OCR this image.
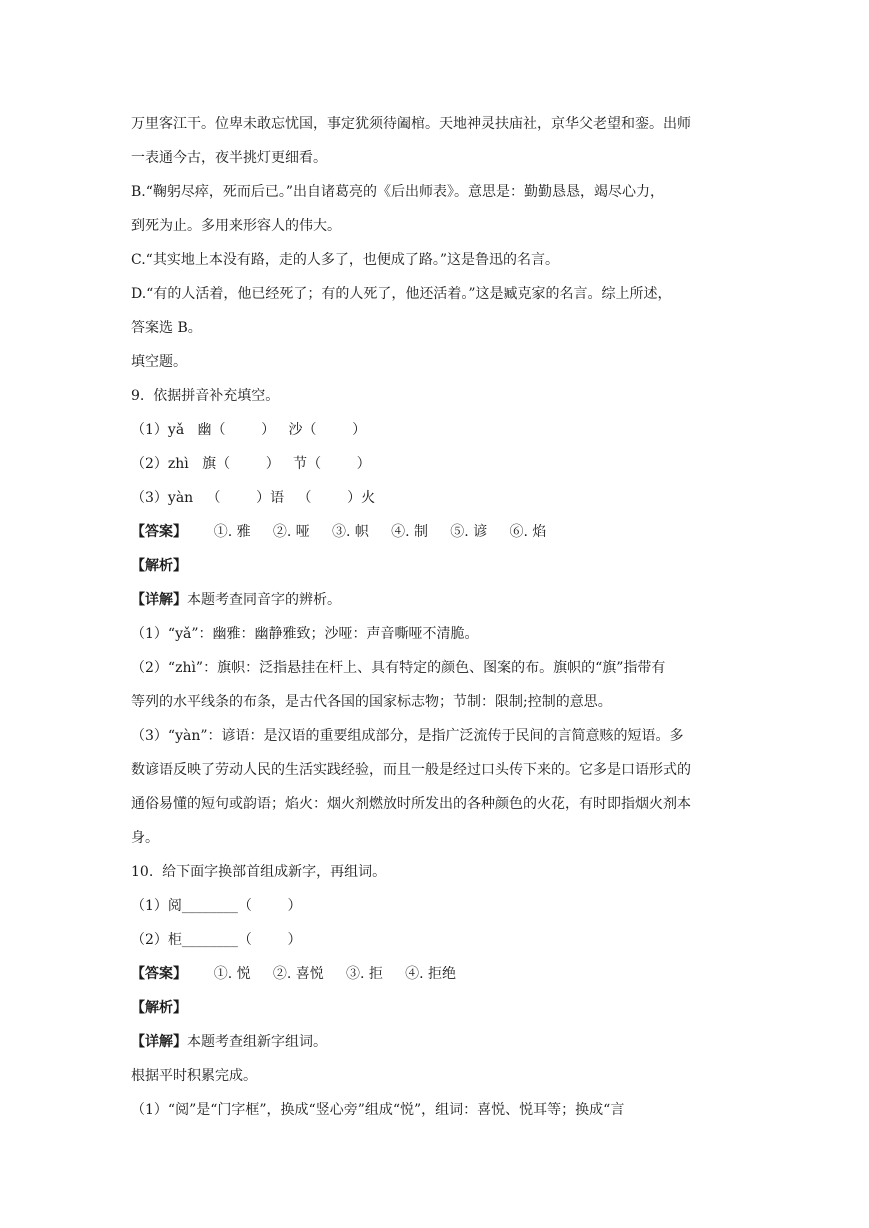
万里客江干。位卑未敢忘忧国，事定犹须待阖棺。天地神灵扶庙社，京华父老望和銮。出师
一表通今古，夜半挑灯更细看。
B.“鞠躬尽瘁，死而后已。”出自诸葛亮的《后出师表》。意思是：勤勤恳恳，竭尽心力，
到死为止。多用来形容人的伟大。
C.“其实地上本没有路，走的人多了，也便成了路。”这是鲁迅的名言。
D.“有的人活着，他已经死了；有的人死了，他还活着。”这是臧克家的名言。综上所述，
答案选 B。
填空题。
9.  依据拼音补充填空。
（1）yǎ   幽（        ）   沙（        ）
（2）zhì   旗（        ）   节（        ）
（3）yàn   （        ）语   （        ）火
【答案】      ①. 雅     ②. 哑     ③. 帜     ④. 制     ⑤. 谚     ⑥. 焰
【解析】
【详解】本题考查同音字的辨析。
（1）“yǎ”：幽雅：幽静雅致；沙哑：声音嘶哑不清脆。
（2）“zhì”：旗帜：泛指悬挂在杆上、具有特定的颜色、图案的布。旗帜的“旗”指带有
等列的水平线条的布条，是古代各国的国家标志物；节制：限制;控制的意思。
（3）“yàn”：谚语：是汉语的重要组成部分，是指广泛流传于民间的言简意赅的短语。多
数谚语反映了劳动人民的生活实践经验，而且一般是经过口头传下来的。它多是口语形式的
通俗易懂的短句或韵语；焰火：烟火剂燃放时所发出的各种颜色的火花，有时即指烟火剂本
身。
10.  给下面字换部首组成新字，再组词。
（1）阅________（        ）
（2）柜________（        ）
【答案】      ①. 悦     ②. 喜悦     ③. 拒     ④. 拒绝
【解析】
【详解】本题考查组新字组词。
根据平时积累完成。
（1）“阅”是“门字框”，换成“竖心旁”组成“悦”，组词：喜悦、悦耳等；换成“言
